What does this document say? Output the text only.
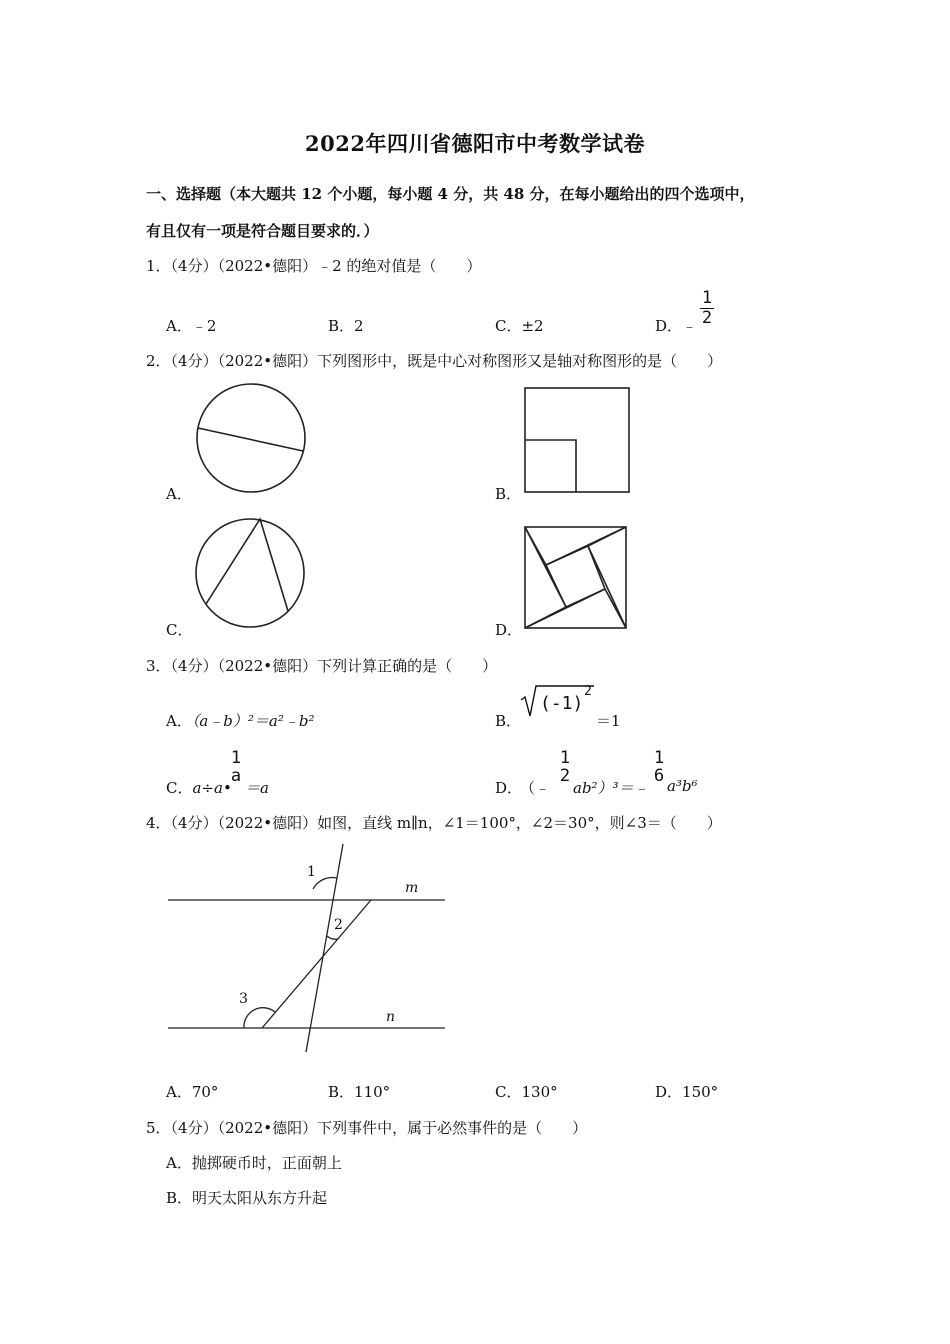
2022年四川省德阳市中考数学试卷
一、选择题（本大题共 12 个小题，每小题 4 分，共 48 分，在每小题给出的四个选项中，
有且仅有一项是符合题目要求的．）
1．（4分）（2022•德阳）﹣2 的绝对值是（　　）
A．﹣2	B．2	C．±2	D．﹣
1
2
2．（4分）（2022•德阳）下列图形中，既是中心对称图形又是轴对称图形的是（　　）
A．	B．
C．	D．
3．（4分）（2022•德阳）下列计算正确的是（　　）
A．（a﹣b）²＝a²﹣b²	B．
(-1)
2
＝1
C．a÷a•
1
a
＝a	D．
（﹣
1
2
ab²）³＝﹣
1
6 a³b⁶
4．（4分）（2022•德阳）如图，直线 m∥n，∠1＝100°，∠2＝30°，则∠3＝（　　）
1
2
3
m
n
A．70°	B．110°	C．130°	D．150°
5．（4分）（2022•德阳）下列事件中，属于必然事件的是（　　）
A．抛掷硬币时，正面朝上
B．明天太阳从东方升起
